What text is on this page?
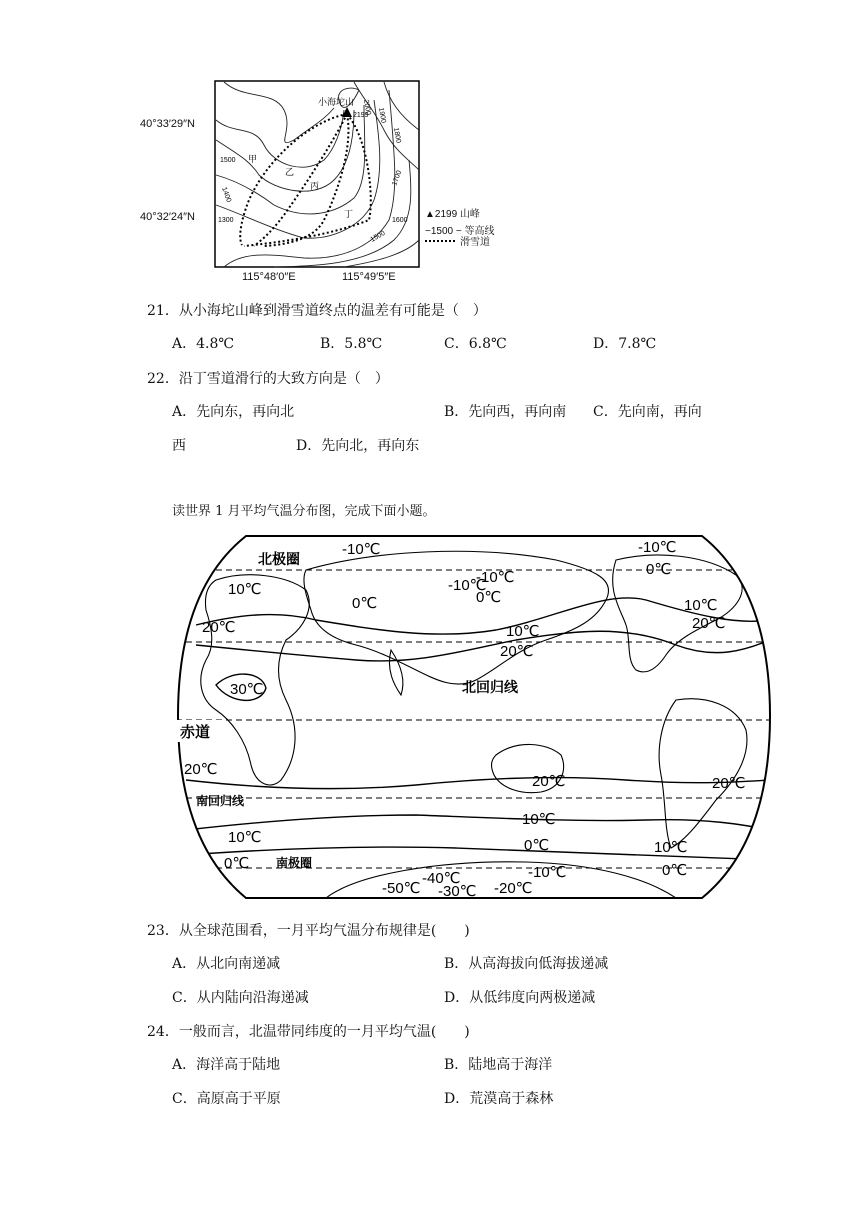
40°33′29″N
40°32′24″N
115°48′0″E	115°49′5″E
小海坨山
2199
2000 1900
1800
1700
1600
1500
1500
1400
1300
甲
乙
丙
丁	▲2199 山峰
−1500 − 等高线
滑雪道
21．从小海坨山峰到滑雪道终点的温差有可能是（　）
A．4.8℃	B．5.8℃	C．6.8℃	D．7.8℃
22．沿丁雪道滑行的大致方向是（　）
A．先向东，再向北	B．先向西，再向南 C．先向南，再向
西	D．先向北，再向东
读世界 1 月平均气温分布图，完成下面小题。
北极圈
北回归线
赤道
南回归线
南极圈
-10℃
-10℃
0℃
10℃
20℃
-10℃
0℃
10℃
20℃
-10℃
0℃
10℃
20℃
30℃
20℃
20℃	20℃
10℃
10℃
0℃
0℃	10℃
-10℃
-20℃
-30℃
-40℃
-50℃
0℃
23．从全球范围看，一月平均气温分布规律是(　　)
A．从北向南递减	B．从高海拔向低海拔递减
C．从内陆向沿海递减	D．从低纬度向两极递减
24．一般而言，北温带同纬度的一月平均气温(　　)
A．海洋高于陆地	B．陆地高于海洋
C．高原高于平原	D．荒漠高于森林
